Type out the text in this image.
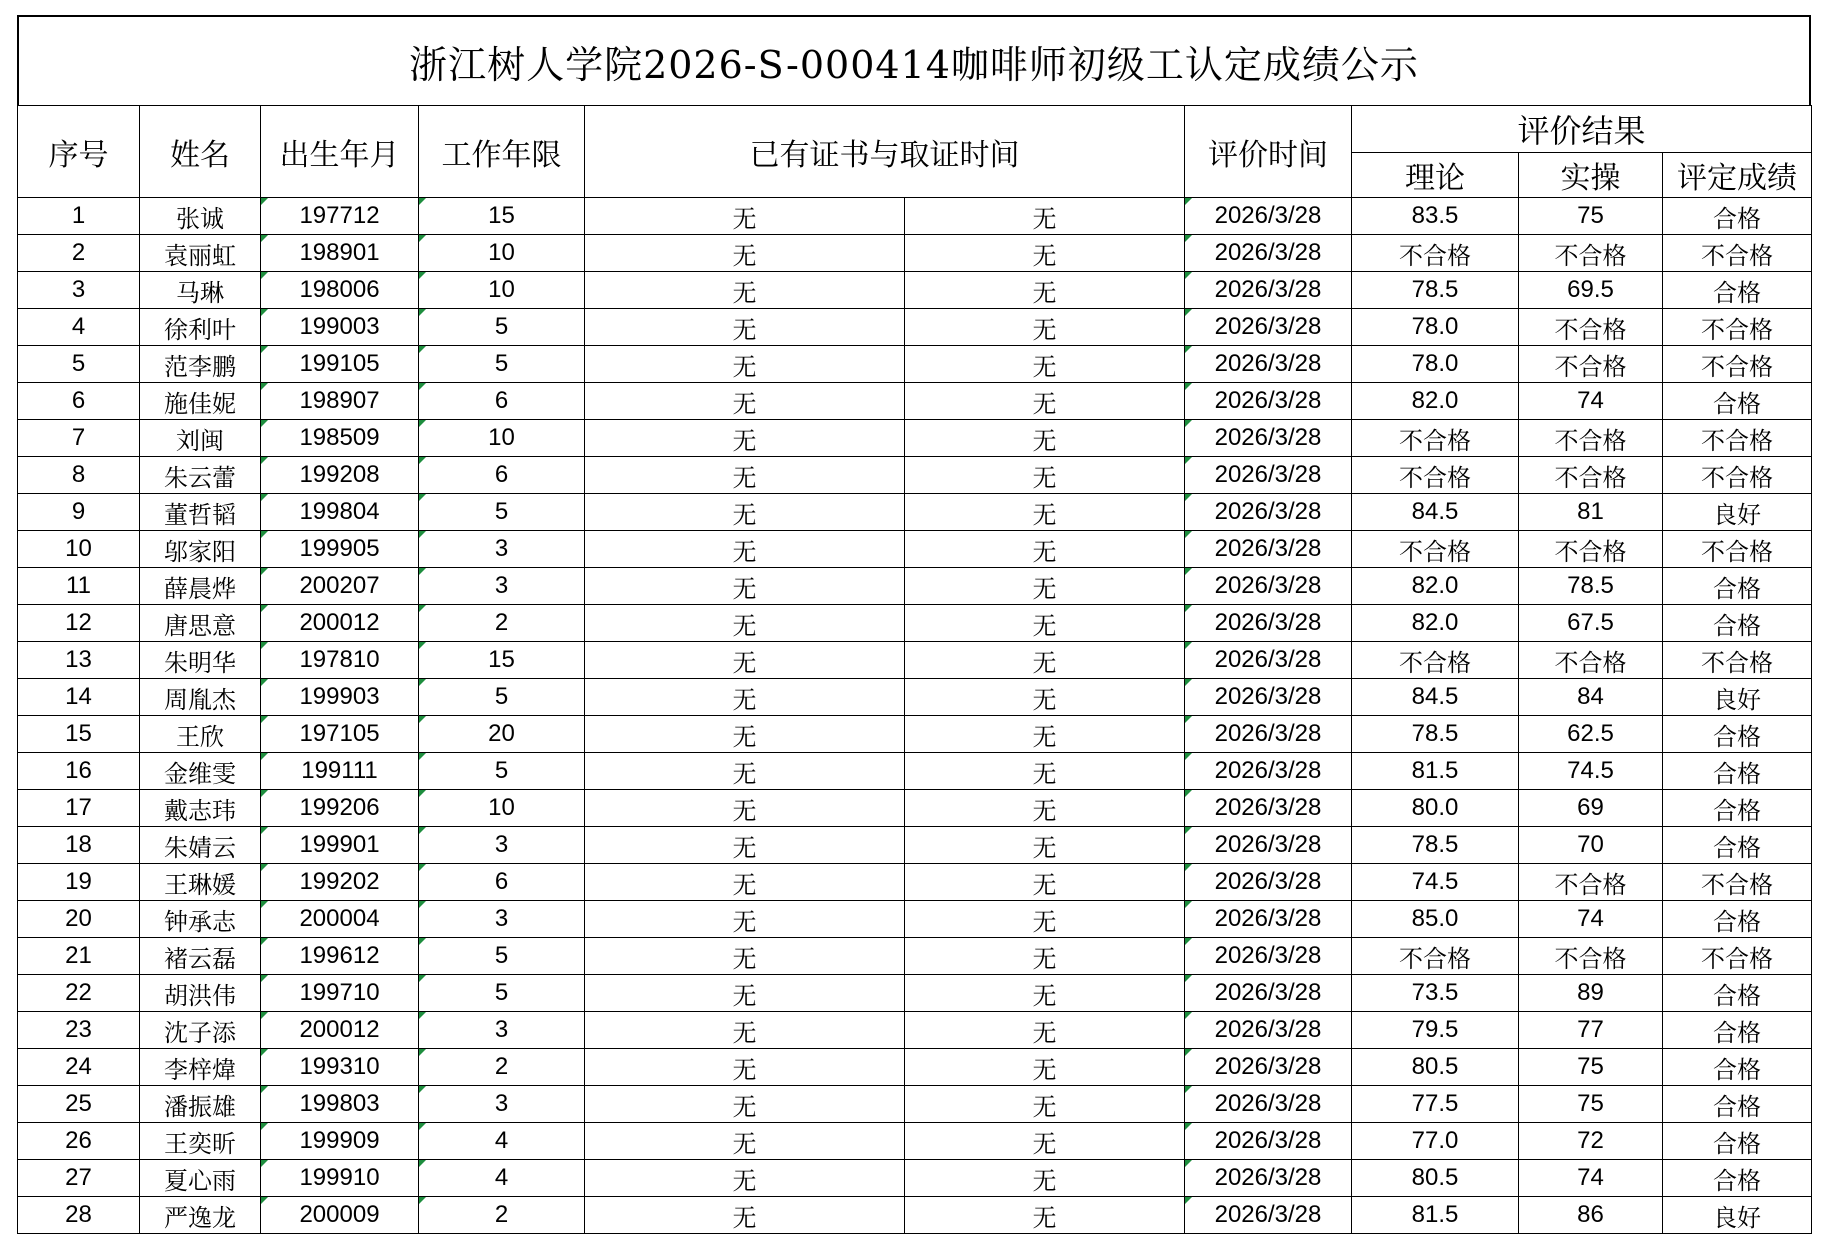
浙江树人学院2026-S-000414咖啡师初级工认定成绩公示
序号	姓名	出生年月	工作年限	已有证书与取证时间		评价时间	评价结果		
							理论	实操	评定成绩
1	张诚	197712	15	无	无	2026/3/28	83.5	75	合格
2	袁丽虹	198901	10	无	无	2026/3/28	不合格	不合格	不合格
3	马琳	198006	10	无	无	2026/3/28	78.5	69.5	合格
4	徐利叶	199003	5	无	无	2026/3/28	78.0	不合格	不合格
5	范李鹏	199105	5	无	无	2026/3/28	78.0	不合格	不合格
6	施佳妮	198907	6	无	无	2026/3/28	82.0	74	合格
7	刘闽	198509	10	无	无	2026/3/28	不合格	不合格	不合格
8	朱云蕾	199208	6	无	无	2026/3/28	不合格	不合格	不合格
9	董哲韬	199804	5	无	无	2026/3/28	84.5	81	良好
10	邬家阳	199905	3	无	无	2026/3/28	不合格	不合格	不合格
11	薛晨烨	200207	3	无	无	2026/3/28	82.0	78.5	合格
12	唐思意	200012	2	无	无	2026/3/28	82.0	67.5	合格
13	朱明华	197810	15	无	无	2026/3/28	不合格	不合格	不合格
14	周胤杰	199903	5	无	无	2026/3/28	84.5	84	良好
15	王欣	197105	20	无	无	2026/3/28	78.5	62.5	合格
16	金维雯	199111	5	无	无	2026/3/28	81.5	74.5	合格
17	戴志玮	199206	10	无	无	2026/3/28	80.0	69	合格
18	朱婧云	199901	3	无	无	2026/3/28	78.5	70	合格
19	王琳媛	199202	6	无	无	2026/3/28	74.5	不合格	不合格
20	钟承志	200004	3	无	无	2026/3/28	85.0	74	合格
21	褚云磊	199612	5	无	无	2026/3/28	不合格	不合格	不合格
22	胡洪伟	199710	5	无	无	2026/3/28	73.5	89	合格
23	沈子添	200012	3	无	无	2026/3/28	79.5	77	合格
24	李梓煒	199310	2	无	无	2026/3/28	80.5	75	合格
25	潘振雄	199803	3	无	无	2026/3/28	77.5	75	合格
26	王奕昕	199909	4	无	无	2026/3/28	77.0	72	合格
27	夏心雨	199910	4	无	无	2026/3/28	80.5	74	合格
28	严逸龙	200009	2	无	无	2026/3/28	81.5	86	良好
